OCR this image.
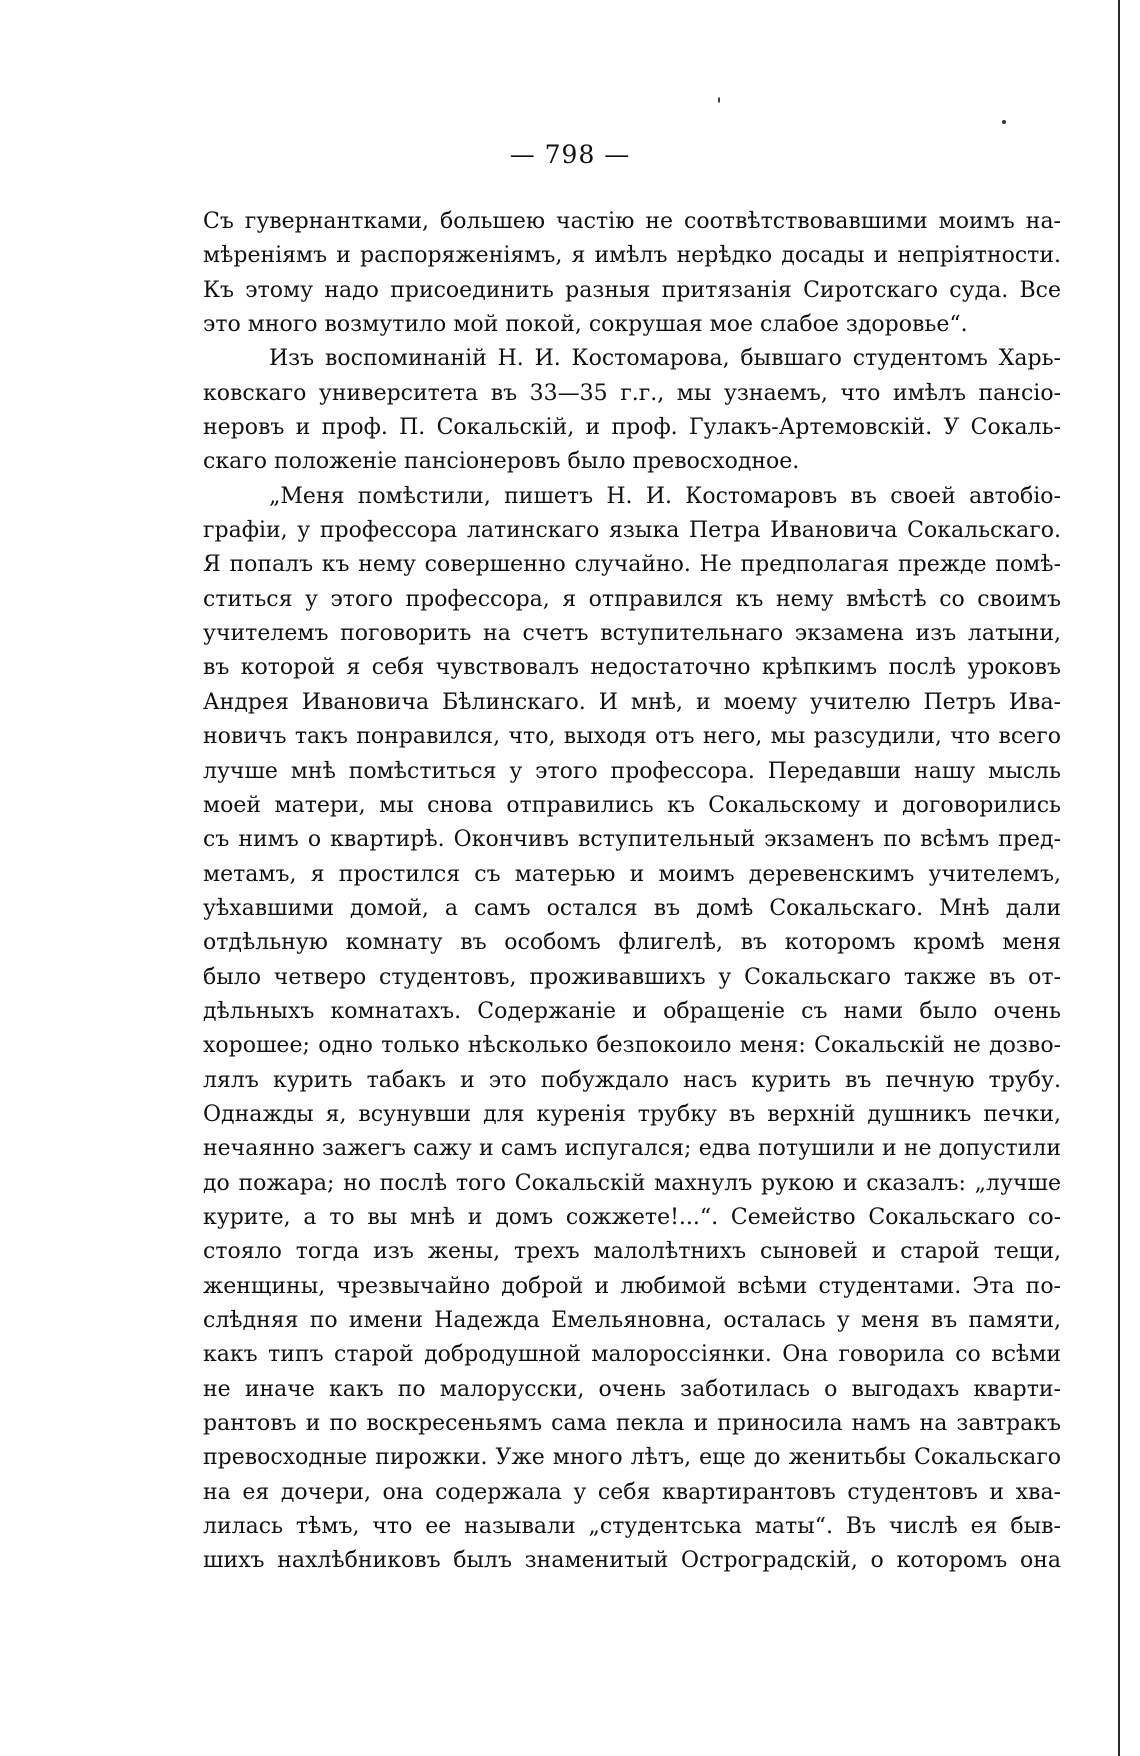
— 798 —
Съ гувернантками, большею частію не соотвѣтствовавшими моимъ на-
мѣреніямъ и распоряженіямъ, я имѣлъ нерѣдко досады и непріятности.
Къ этому надо присоединить разныя притязанія Сиротскаго суда. Все
это много возмутило мой покой, сокрушая мое слабое здоровье“.
Изъ воспоминаній Н. И. Костомарова, бывшаго студентомъ Харь-
ковскаго университета въ 33—35 г.г., мы узнаемъ, что имѣлъ пансіо-
неровъ и проф. П. Сокальскій, и проф. Гулакъ-Артемовскій. У Сокаль-
скаго положеніе пансіонеровъ было превосходное.
„Меня помѣстили, пишетъ Н. И. Костомаровъ въ своей автобіо-
графіи, у профессора латинскаго языка Петра Ивановича Сокальскаго.
Я попалъ къ нему совершенно случайно. Не предполагая прежде помѣ-
ститься у этого профессора, я отправился къ нему вмѣстѣ со своимъ
учителемъ поговорить на счетъ вступительнаго экзамена изъ латыни,
въ которой я себя чувствовалъ недостаточно крѣпкимъ послѣ уроковъ
Андрея Ивановича Бѣлинскаго. И мнѣ, и моему учителю Петръ Ива-
новичъ такъ понравился, что, выходя отъ него, мы разсудили, что всего
лучше мнѣ помѣститься у этого профессора. Передавши нашу мысль
моей матери, мы снова отправились къ Сокальскому и договорились
съ нимъ о квартирѣ. Окончивъ вступительный экзаменъ по всѣмъ пред-
метамъ, я простился съ матерью и моимъ деревенскимъ учителемъ,
уѣхавшими домой, а самъ остался въ домѣ Сокальскаго. Мнѣ дали
отдѣльную комнату въ особомъ флигелѣ, въ которомъ кромѣ меня
было четверо студентовъ, проживавшихъ у Сокальскаго также въ от-
дѣльныхъ комнатахъ. Содержаніе и обращеніе съ нами было очень
хорошее; одно только нѣсколько безпокоило меня: Сокальскій не дозво-
лялъ курить табакъ и это побуждало насъ курить въ печную трубу.
Однажды я, всунувши для куренія трубку въ верхній душникъ печки,
нечаянно зажегъ сажу и самъ испугался; едва потушили и не допустили
до пожара; но послѣ того Сокальскій махнулъ рукою и сказалъ: „лучше
курите, а то вы мнѣ и домъ сожжете!...“. Семейство Сокальскаго со-
стояло тогда изъ жены, трехъ малолѣтнихъ сыновей и старой тещи,
женщины, чрезвычайно доброй и любимой всѣми студентами. Эта по-
слѣдняя по имени Надежда Емельяновна, осталась у меня въ памяти,
какъ типъ старой добродушной малороссіянки. Она говорила со всѣми
не иначе какъ по малорусски, очень заботилась о выгодахъ кварти-
рантовъ и по воскресеньямъ сама пекла и приносила намъ на завтракъ
превосходные пирожки. Уже много лѣтъ, еще до женитьбы Сокальскаго
на ея дочери, она содержала у себя квартирантовъ студентовъ и хва-
лилась тѣмъ, что ее называли „студентська маты“. Въ числѣ ея быв-
шихъ нахлѣбниковъ былъ знаменитый Остроградскій, о которомъ она
